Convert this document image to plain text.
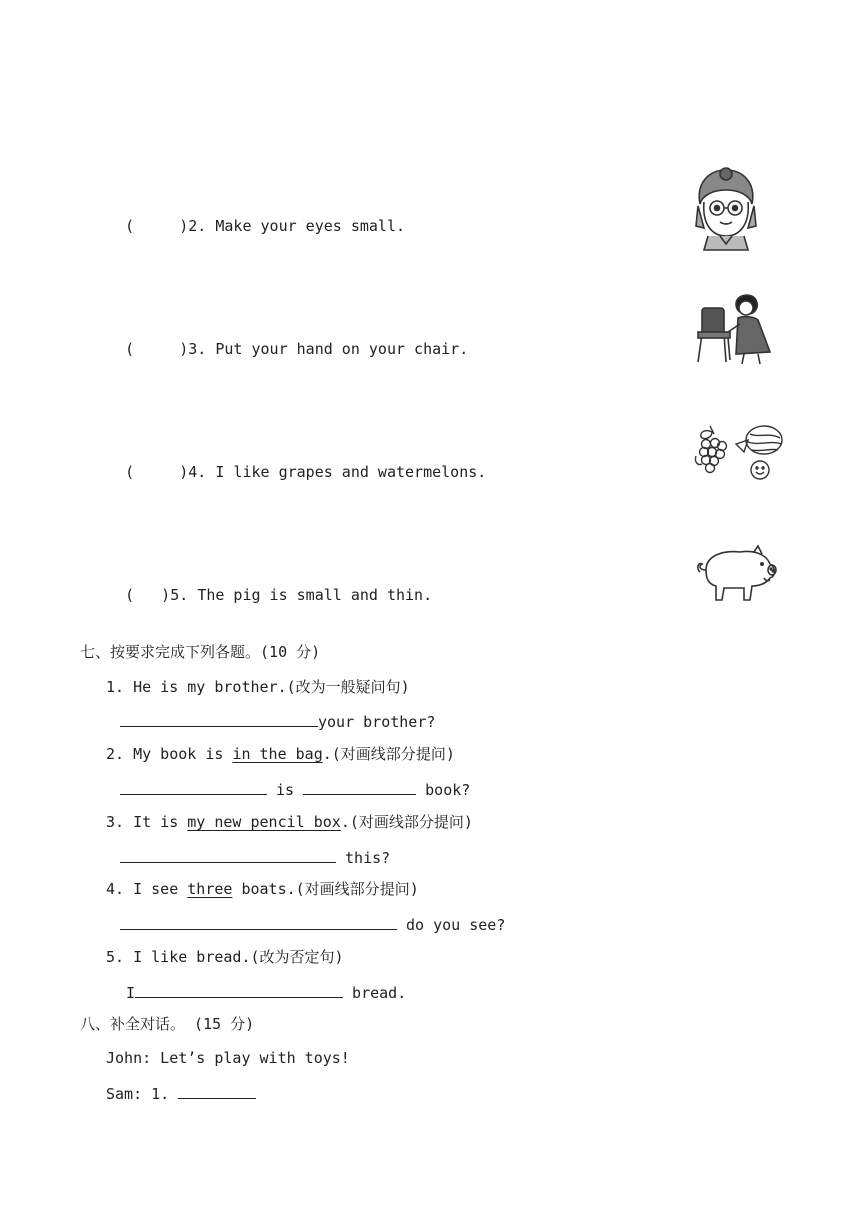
(     )2. Make your eyes small.

(     )3. Put your hand on your chair.

(     )4. I like grapes and watermelons.

(   )5. The pig is small and thin.

七、按要求完成下列各题。(10 分)
1. He is my brother.(改为一般疑问句)
your brother?
2. My book is in the bag.(对画线部分提问)
is	book?
3. It is my new pencil box.(对画线部分提问)
this?
4. I see three boats.(对画线部分提问)
do you see?
5. I like bread.(改为否定句)
I	bread.
八、补全对话。 (15 分)
John: Let’s play with toys!
Sam: 1.
